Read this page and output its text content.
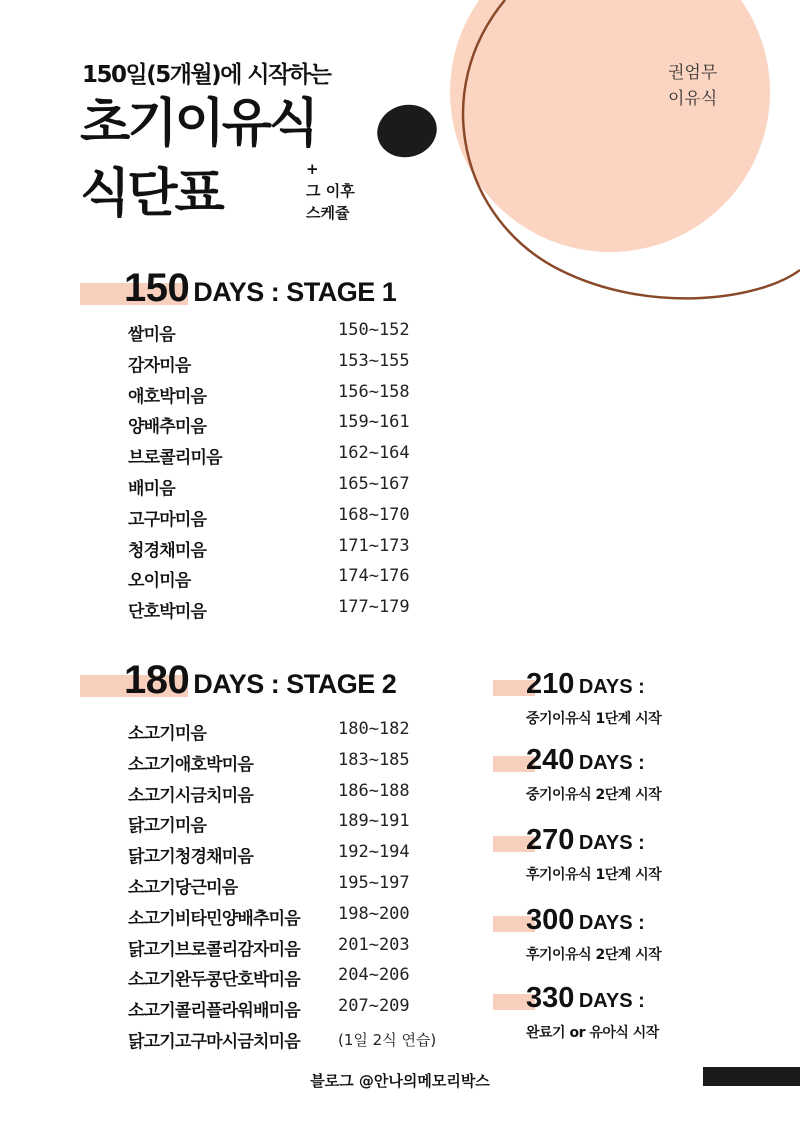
150일(5개월)에 시작하는
초기이유식
식단표	+
그 이후
스케쥴
권엄무
이유식
150 DAYS : STAGE 1
쌀미음	150~152
감자미음	153~155
애호박미음	156~158
양배추미음	159~161
브로콜리미음	162~164
배미음	165~167
고구마미음	168~170
청경채미음	171~173
오이미음	174~176
단호박미음	177~179
180 DAYS : STAGE 2
소고기미음	180~182
소고기애호박미음	183~185
소고기시금치미음	186~188
닭고기미음	189~191
닭고기청경채미음	192~194
소고기당근미음	195~197
소고기비타민양배추미음 198~200
닭고기브로콜리감자미음 201~203
소고기완두콩단호박미음 204~206
소고기콜리플라워배미음 207~209
닭고기고구마시금치미음	(1일 2식 연습)
210 DAYS :
중기이유식 1단계 시작
240 DAYS :
중기이유식 2단계 시작
270 DAYS :
후기이유식 1단계 시작
300 DAYS :
후기이유식 2단계 시작
330 DAYS :
완료기 or 유아식 시작
블로그 @안나의메모리박스
